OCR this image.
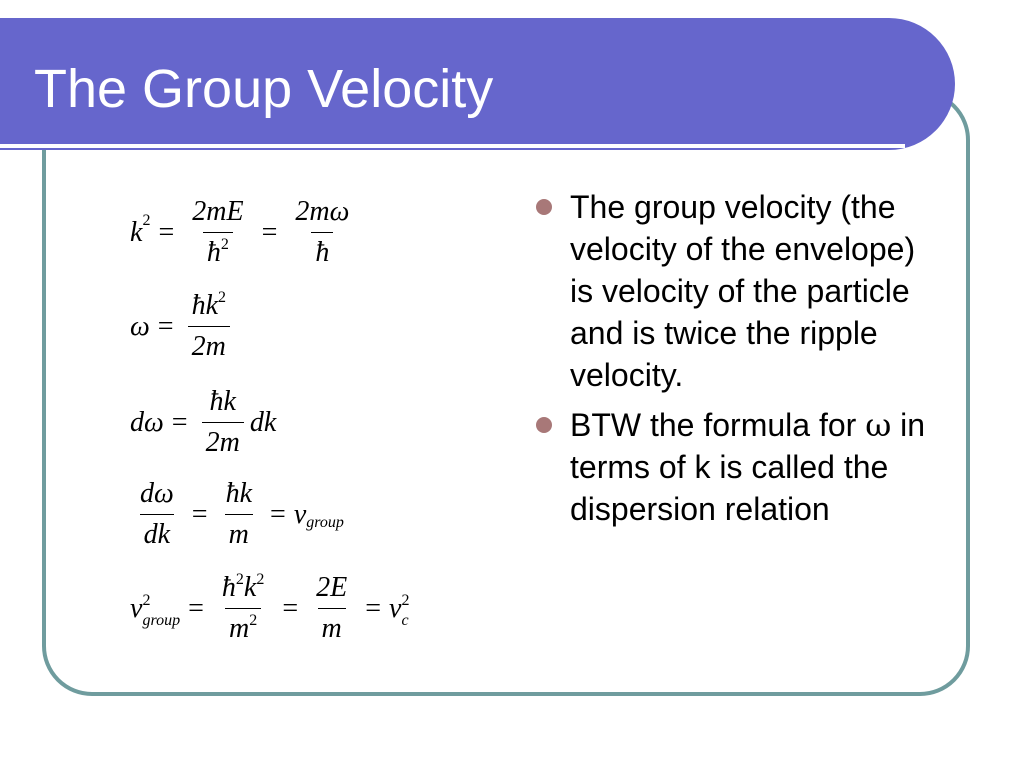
The Group Velocity
$k^2 = \frac{2mE}{ħ^2} = \frac{2m\omega}{ħ}$
$\omega = \frac{ħk^2}{2m}$
$d\omega = \frac{ħk}{2m}$ dk
$\frac{d\omega}{dk} = \frac{ħk}{m} = v_{group}$
$v^2_{group} = \frac{ħ^2k^2}{m^2} = \frac{2E}{m} = v^2_c$
The group velocity (the velocity of the envelope) is velocity of the particle and is twice the ripple velocity.
BTW the formula for ω in terms of k is called the dispersion relation
